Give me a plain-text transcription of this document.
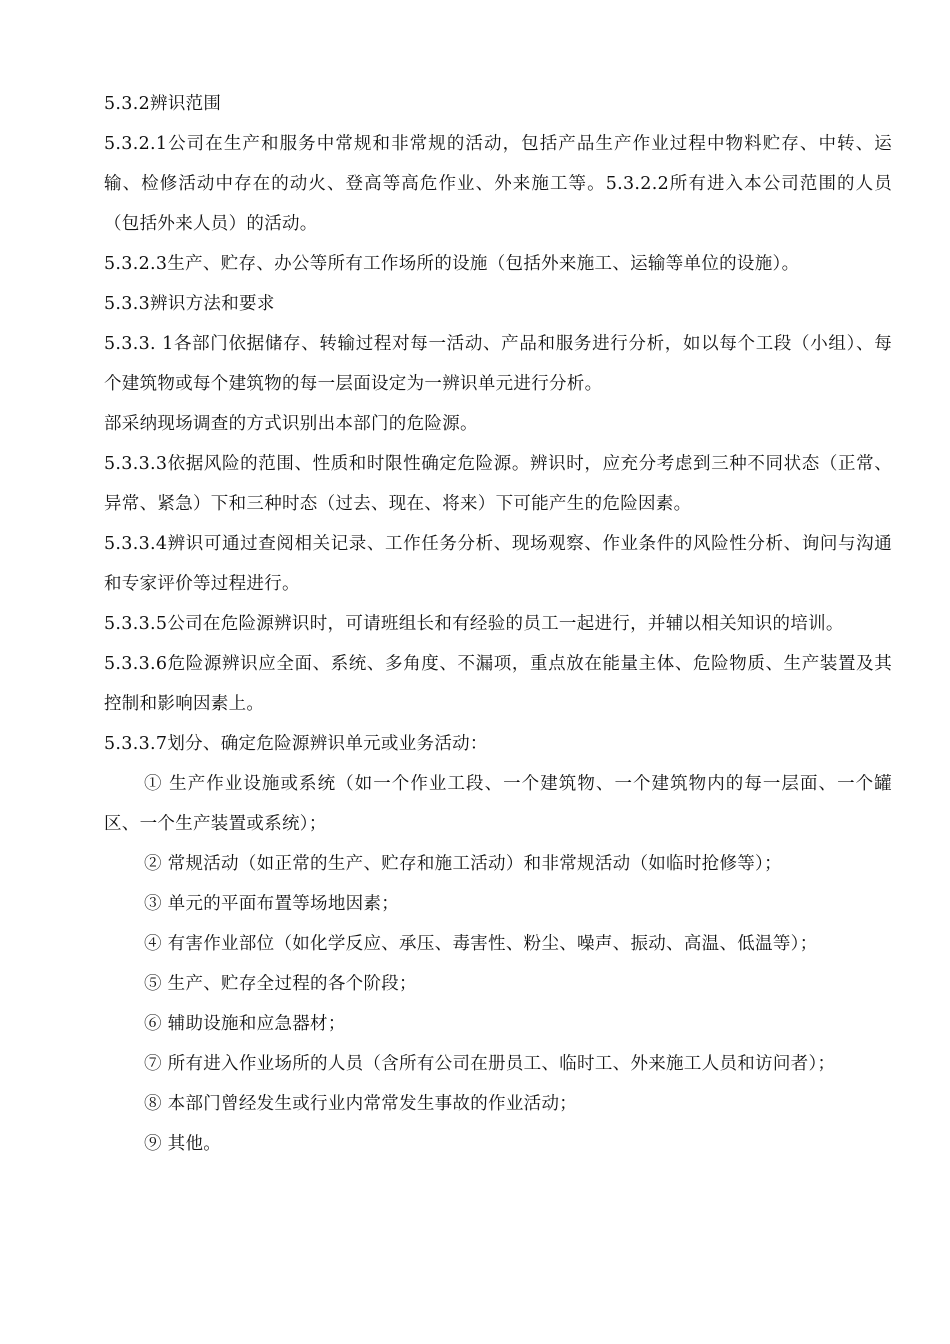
5.3.2辨识范围

5.3.2.1公司在生产和服务中常规和非常规的活动，包括产品生产作业过程中物料贮存、中转、运输、检修活动中存在的动火、登高等高危作业、外来施工等。5.3.2.2所有进入本公司范围的人员（包括外来人员）的活动。

5.3.2.3生产、贮存、办公等所有工作场所的设施（包括外来施工、运输等单位的设施）。

5.3.3辨识方法和要求

5.3.3. 1各部门依据储存、转输过程对每一活动、产品和服务进行分析，如以每个工段（小组）、每个建筑物或每个建筑物的每一层面设定为一辨识单元进行分析。

部采纳现场调查的方式识别出本部门的危险源。

5.3.3.3依据风险的范围、性质和时限性确定危险源。辨识时，应充分考虑到三种不同状态（正常、异常、紧急）下和三种时态（过去、现在、将来）下可能产生的危险因素。

5.3.3.4辨识可通过查阅相关记录、工作任务分析、现场观察、作业条件的风险性分析、询问与沟通和专家评价等过程进行。

5.3.3.5公司在危险源辨识时，可请班组长和有经验的员工一起进行，并辅以相关知识的培训。

5.3.3.6危险源辨识应全面、系统、多角度、不漏项，重点放在能量主体、危险物质、生产装置及其控制和影响因素上。

5.3.3.7划分、确定危险源辨识单元或业务活动：

① 生产作业设施或系统（如一个作业工段、一个建筑物、一个建筑物内的每一层面、一个罐区、一个生产装置或系统）；

② 常规活动（如正常的生产、贮存和施工活动）和非常规活动（如临时抢修等）；

③ 单元的平面布置等场地因素；

④ 有害作业部位（如化学反应、承压、毒害性、粉尘、噪声、振动、高温、低温等）；

⑤ 生产、贮存全过程的各个阶段；

⑥ 辅助设施和应急器材；

⑦ 所有进入作业场所的人员（含所有公司在册员工、临时工、外来施工人员和访问者）；

⑧ 本部门曾经发生或行业内常常发生事故的作业活动；

⑨ 其他。
